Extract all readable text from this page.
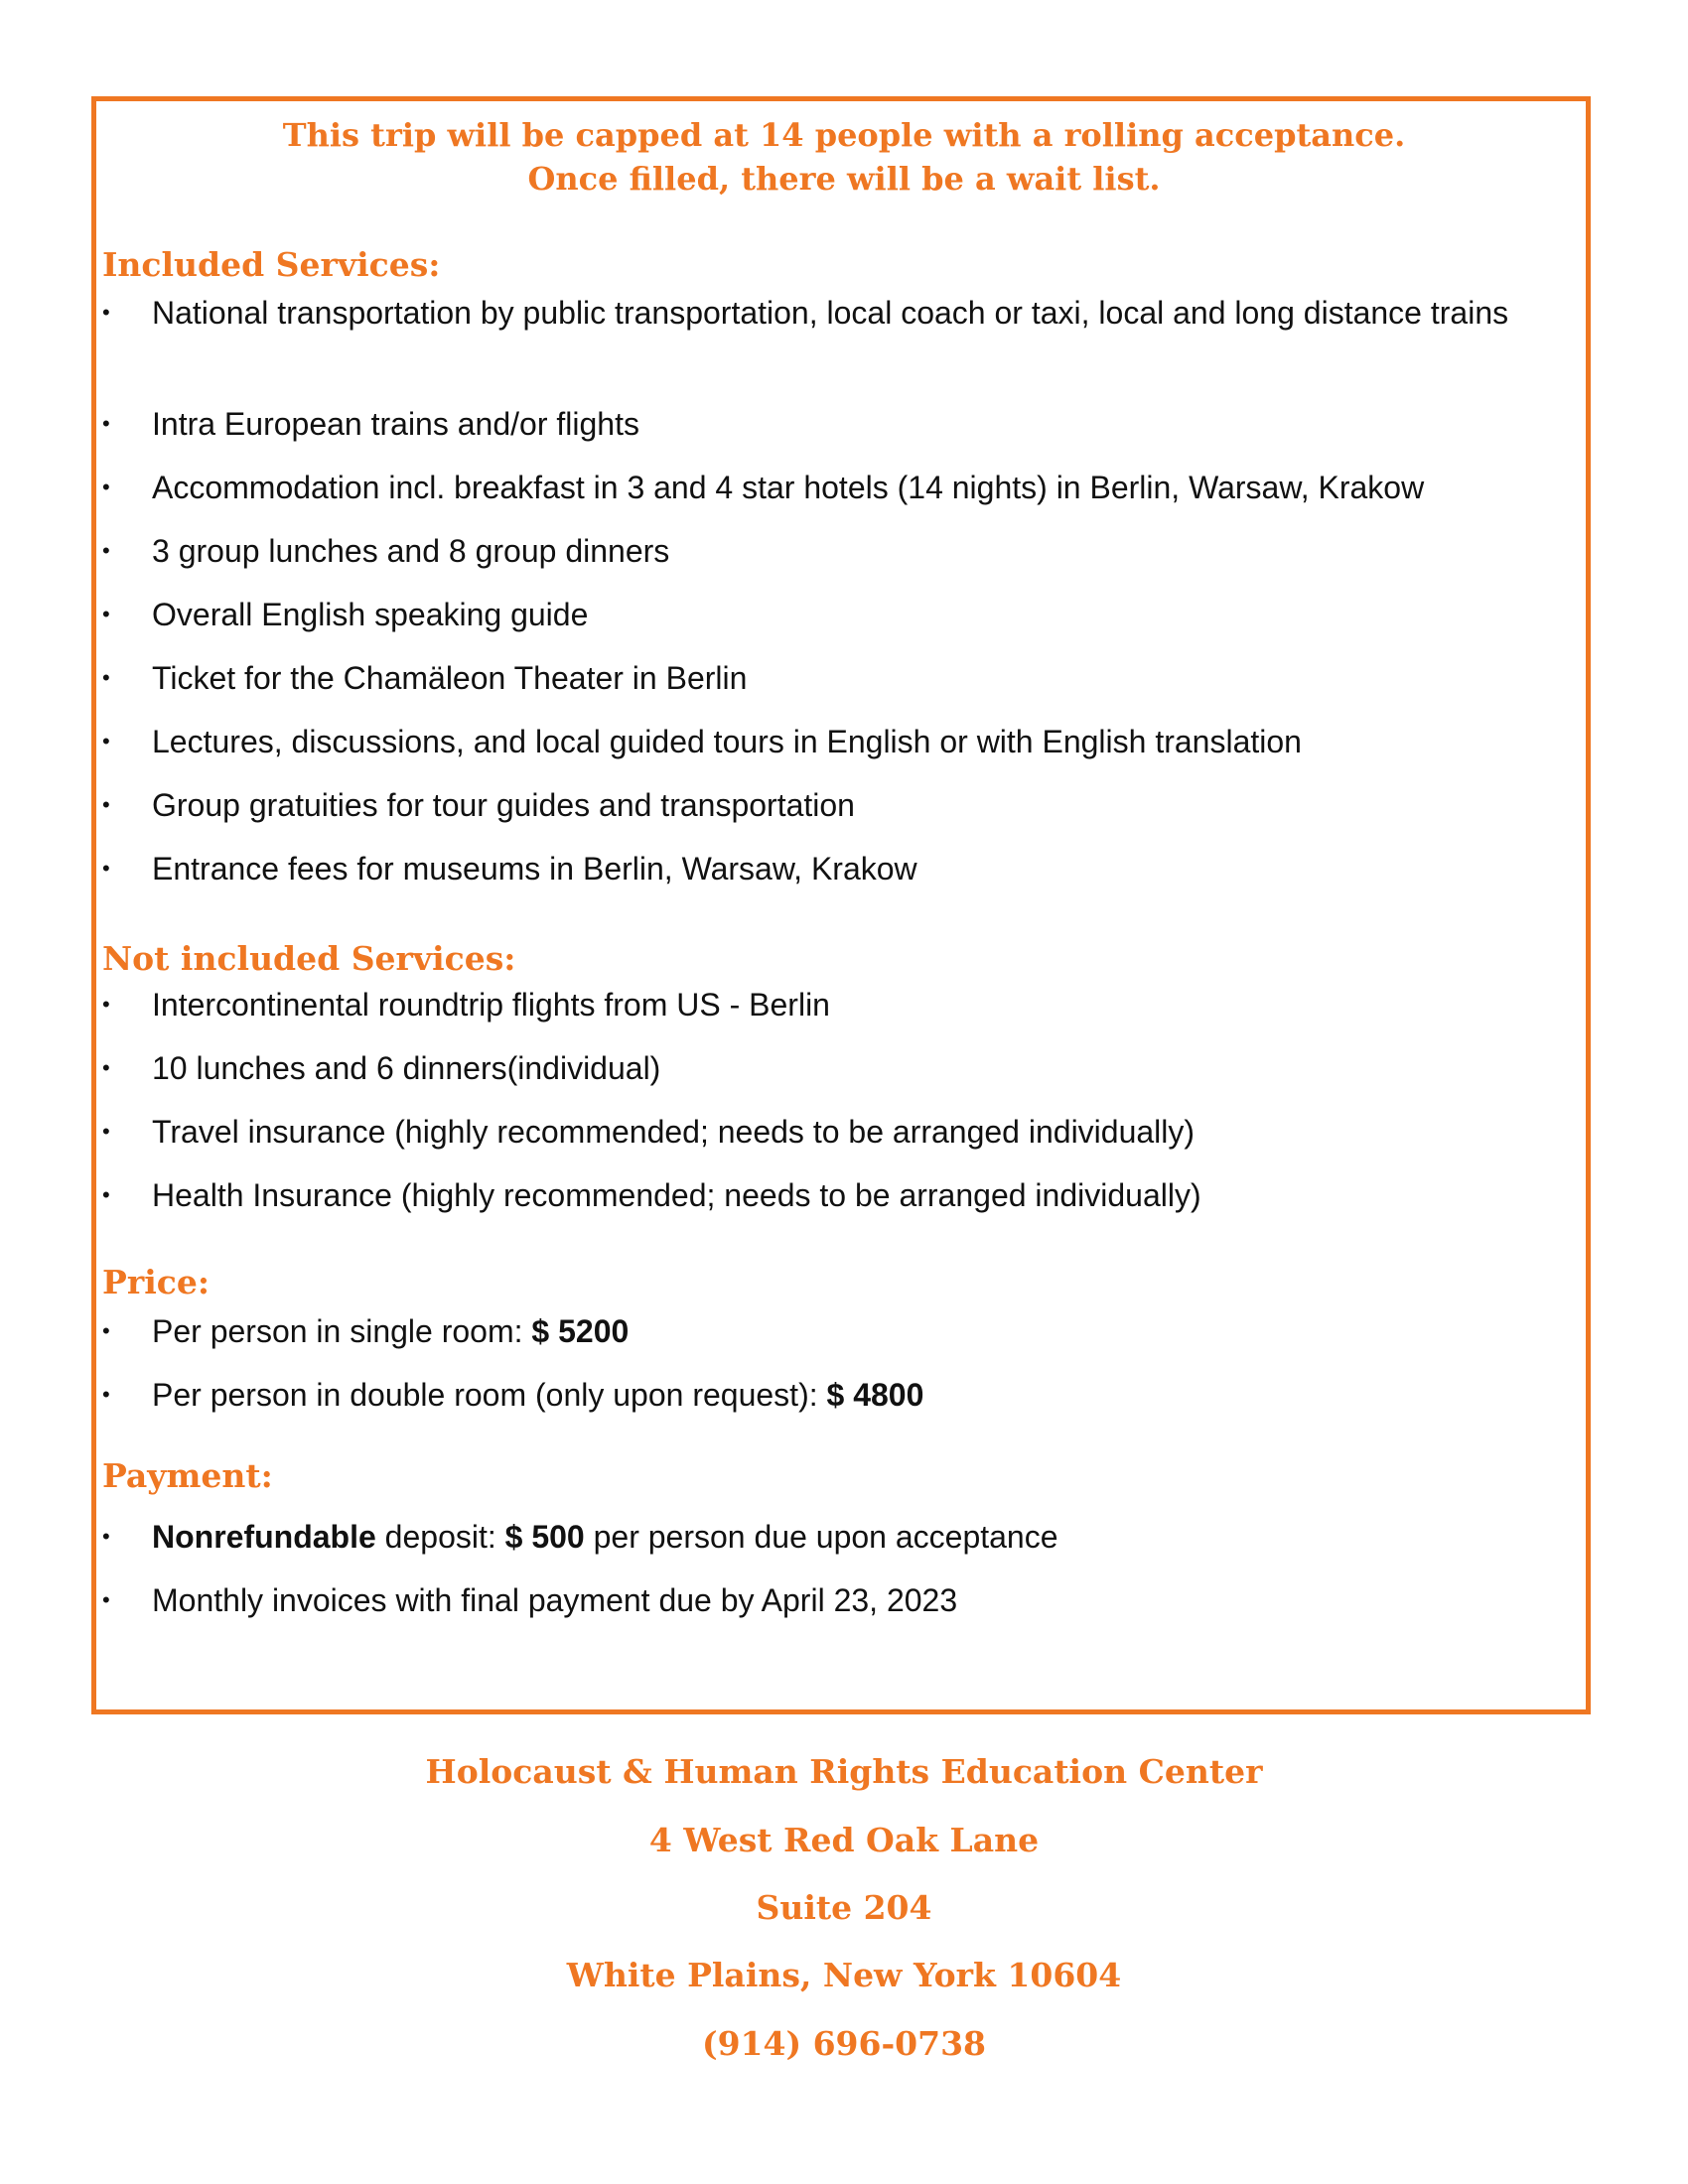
This trip will be capped at 14 people with a rolling acceptance.
Once filled, there will be a wait list.
Included Services:
•	National transportation by public transportation, local coach or taxi, local and long distance trains
•	Intra European trains and/or flights
•	Accommodation incl. breakfast in 3 and 4 star hotels (14 nights) in Berlin, Warsaw, Krakow
•	3 group lunches and 8 group dinners
•	Overall English speaking guide
•	Ticket for the Chamäleon Theater in Berlin
•	Lectures, discussions, and local guided tours in English or with English translation
•	Group gratuities for tour guides and transportation
•	Entrance fees for museums in Berlin, Warsaw, Krakow
Not included Services:
•	Intercontinental roundtrip flights from US - Berlin
•	10 lunches and 6 dinners(individual)
•	Travel insurance (highly recommended; needs to be arranged individually)
•	Health Insurance (highly recommended; needs to be arranged individually)
Price:
•	Per person in single room: $ 5200
•	Per person in double room (only upon request): $ 4800
Payment:
•	Nonrefundable deposit: $ 500 per person due upon acceptance
•	Monthly invoices with final payment due by April 23, 2023
Holocaust & Human Rights Education Center
4 West Red Oak Lane
Suite 204
White Plains, New York 10604
(914) 696-0738
